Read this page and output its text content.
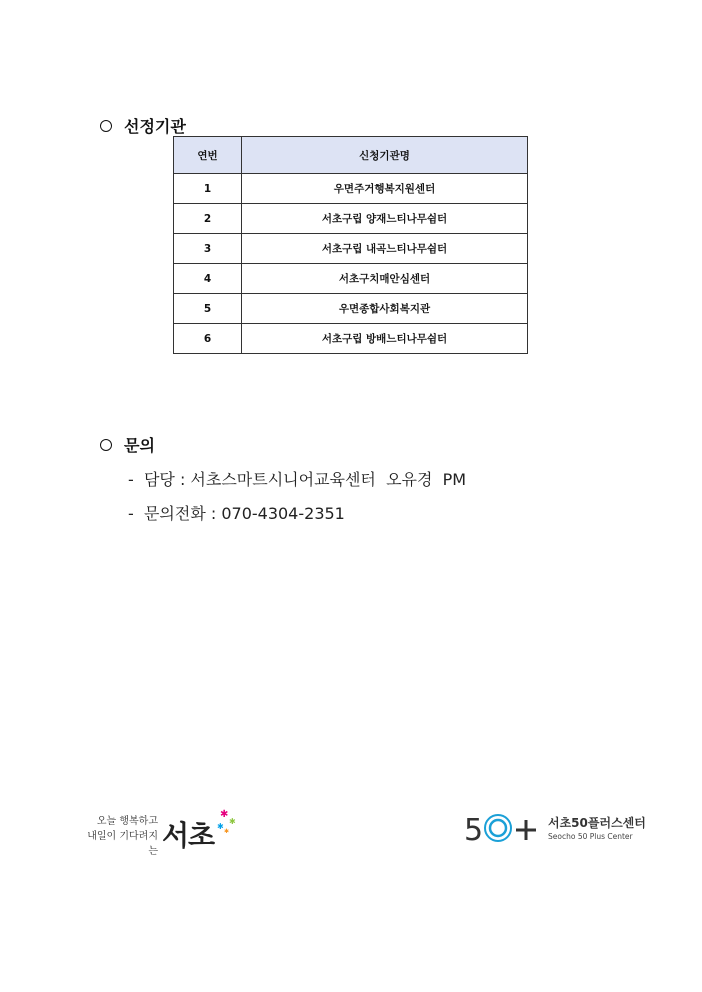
선정기관
연번	신청기관명
1	우면주거행복지원센터
2	서초구립 양재느티나무쉼터
3	서초구립 내곡느티나무쉼터
4	서초구치매안심센터
5	우면종합사회복지관
6	서초구립 방배느티나무쉼터
문의
-  담당 : 서초스마트시니어교육센터  오유경  PM
-  문의전화 : 070-4304-2351
오늘 행복하고
내일이 기다려지는 서초
✱
✱
✱
✱	5	서초50플러스센터
Seocho 50 Plus Center
